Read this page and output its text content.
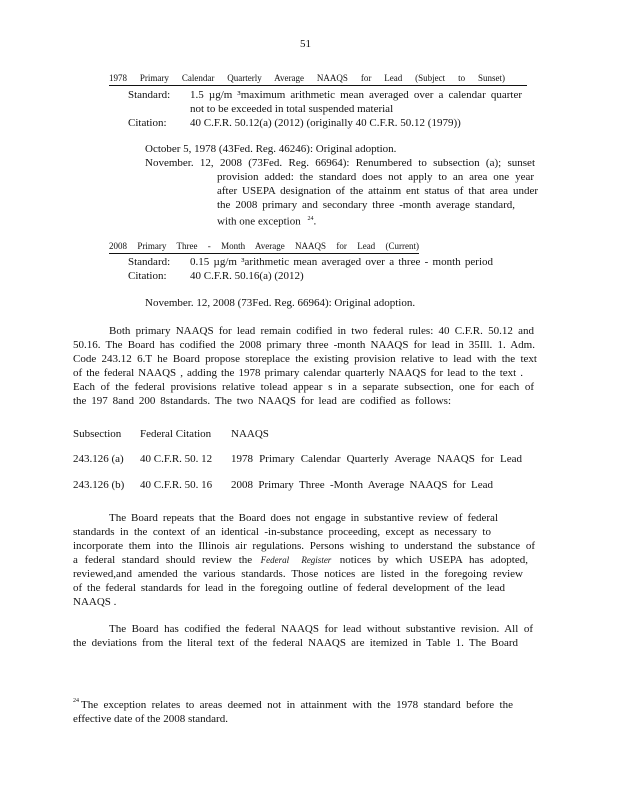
51
1978 Primary Calendar Quarterly Average NAAQS for Lead (Subject to Sunset)
Standard: 1.5 µg/m ³maximum arithmetic mean averaged over a calendar quarter
not to be exceeded in total suspended material
Citation: 40 C.F.R. 50.12(a) (2012) (originally 40 C.F.R. 50.12 (1979))
October 5, 1978 (43Fed. Reg. 46246): Original adoption.
November. 12, 2008 (73Fed. Reg. 66964): Renumbered to subsection (a); sunset
provision added: the standard does not apply to an area one year
after USEPA designation of the attainm ent status of that area under
the 2008 primary and secondary three -month average standard,
with one exception $^{24}$.
2008 Primary Three - Month Average NAAQS for Lead (Current)
Standard: 0.15 µg/m ³arithmetic mean averaged over a three - month period
Citation: 40 C.F.R. 50.16(a) (2012)
November. 12, 2008 (73Fed. Reg. 66964): Original adoption.
Both primary NAAQS for lead remain codified in two federal rules: 40 C.F.R. 50.12 and
50.16. The Board has codified the 2008 primary three -month NAAQS for lead in 35Ill. 1. Adm.
Code 243.12 6.T he Board propose storeplace the existing provision relative to lead with the text
of the federal NAAQS , adding the 1978 primary calendar quarterly NAAQS for lead to the text .
Each of the federal provisions relative tolead appear s in a separate subsection, one for each of
the 197 8and 200 8standards. The two NAAQS for lead are codified as follows:
Subsection Federal Citation NAAQS
243.126 (a) 40 C.F.R. 50. 12 1978 Primary Calendar Quarterly Average NAAQS for Lead
243.126 (b) 40 C.F.R. 50. 16 2008 Primary Three -Month Average NAAQS for Lead
The Board repeats that the Board does not engage in substantive review of federal
standards in the context of an identical -in-substance proceeding, except as necessary to
incorporate them into the Illinois air regulations. Persons wishing to understand the substance of
a federal standard should review the Federal Register notices by which USEPA has adopted,
reviewed,and amended the various standards. Those notices are listed in the foregoing review
of the federal standards for lead in the foregoing outline of federal development of the lead
NAAQS .
The Board has codified the federal NAAQS for lead without substantive revision. All of
the deviations from the literal text of the federal NAAQS are itemized in Table 1. The Board
24 The exception relates to areas deemed not in attainment with the 1978 standard before the
effective date of the 2008 standard.
